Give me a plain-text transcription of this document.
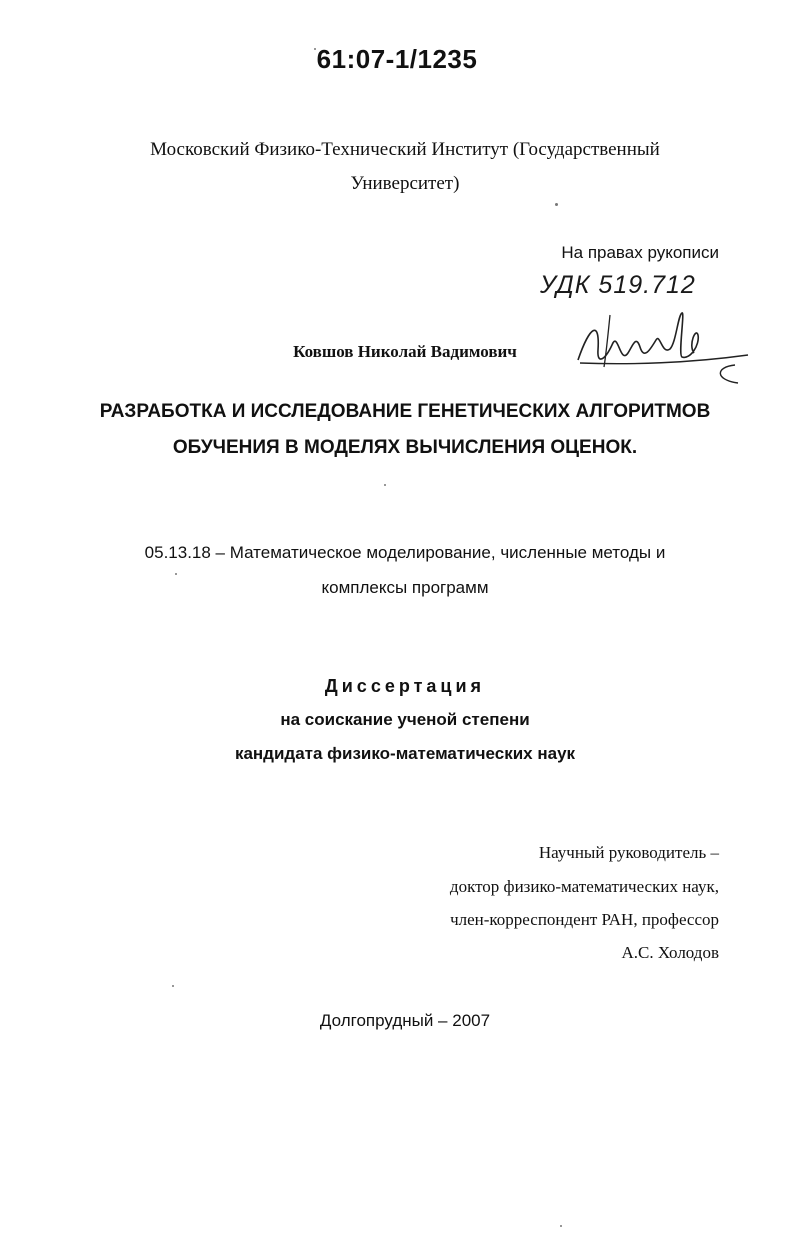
61:07-1/1235
Московский Физико-Технический Институт (Государственный
Университет)
На правах рукописи
УДК 519.712
Ковшов Николай Вадимович
РАЗРАБОТКА И ИССЛЕДОВАНИЕ ГЕНЕТИЧЕСКИХ АЛГОРИТМОВ
ОБУЧЕНИЯ В МОДЕЛЯХ ВЫЧИСЛЕНИЯ ОЦЕНОК.
05.13.18 – Математическое моделирование, численные методы и
комплексы программ
Диссертация
на соискание ученой степени
кандидата физико-математических наук
Научный руководитель –
доктор физико-математических наук,
член-корреспондент РАН, профессор
А.С. Холодов
Долгопрудный – 2007
